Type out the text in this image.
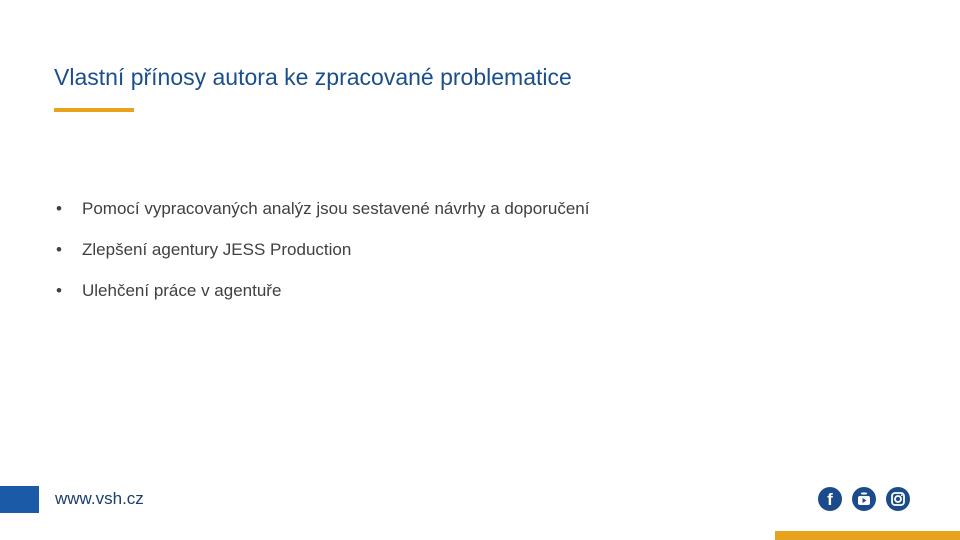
Vlastní přínosy autora ke zpracované problematice
• Pomocí vypracovaných analýz jsou sestavené návrhy a doporučení
• Zlepšení agentury JESS Production
• Ulehčení práce v agentuře
www.vsh.cz	f
